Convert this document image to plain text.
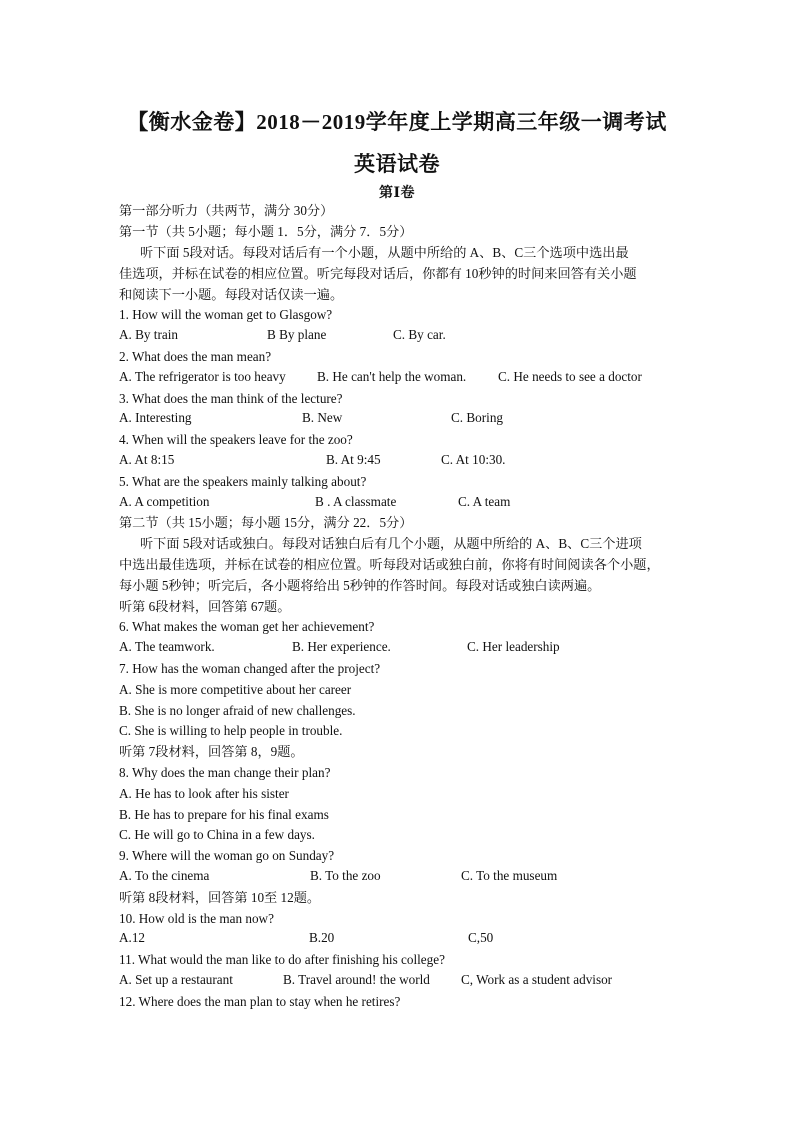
【衡水金卷】2018－2019学年度上学期高三年级一调考试
英语试卷
第Ⅰ卷
第一部分听力（共两节，满分 30分）
第一节（共 5小题；每小题 1．5分，满分 7．5分）
听下面 5段对话。每段对话后有一个小题，从题中所给的 A、B、C三个选项中选出最
佳选项，并标在试卷的相应位置。听完每段对话后，你都有 10秒钟的时间来回答有关小题
和阅读下一小题。每段对话仅读一遍。
1. How will the woman get to Glasgow?
A. By train	B By plane	C. By car.
2. What does the man mean?
A. The refrigerator is too heavy B. He can't help the woman. C. He needs to see a doctor
3. What does the man think of the lecture?
A. Interesting	B. New	C. Boring
4. When will the speakers leave for the zoo?
A. At 8:15	B. At 9:45	C. At 10:30.
5. What are the speakers mainly talking about?
A. A competition	B . A classmate	C. A team
第二节（共 15小题；每小题 15分，满分 22．5分）
听下面 5段对话或独白。每段对话独白后有几个小题，从题中所给的 A、B、C三个进项
中选出最佳选项，并标在试卷的相应位置。听每段对话或独白前，你将有时间阅读各个小题，
每小题 5秒钟；听完后，各小题将给出 5秒钟的作答时间。每段对话或独白读两遍。
听第 6段材料，回答第 67题。
6. What makes the woman get her achievement?
A. The teamwork.	B. Her experience.	C. Her leadership
7. How has the woman changed after the project?
A. She is more competitive about her career
B. She is no longer afraid of new challenges.
C. She is willing to help people in trouble.
听第 7段材料，回答第 8，9题。
8. Why does the man change their plan?
A. He has to look after his sister
B. He has to prepare for his final exams
C. He will go to China in a few days.
9. Where will the woman go on Sunday?
A. To the cinema	B. To the zoo	C. To the museum
听第 8段材料，回答第 10至 12题。
10. How old is the man now?
A.12	B.20	C,50
11. What would the man like to do after finishing his college?
A. Set up a restaurant	B. Travel around! the world C, Work as a student advisor
12. Where does the man plan to stay when he retires?
